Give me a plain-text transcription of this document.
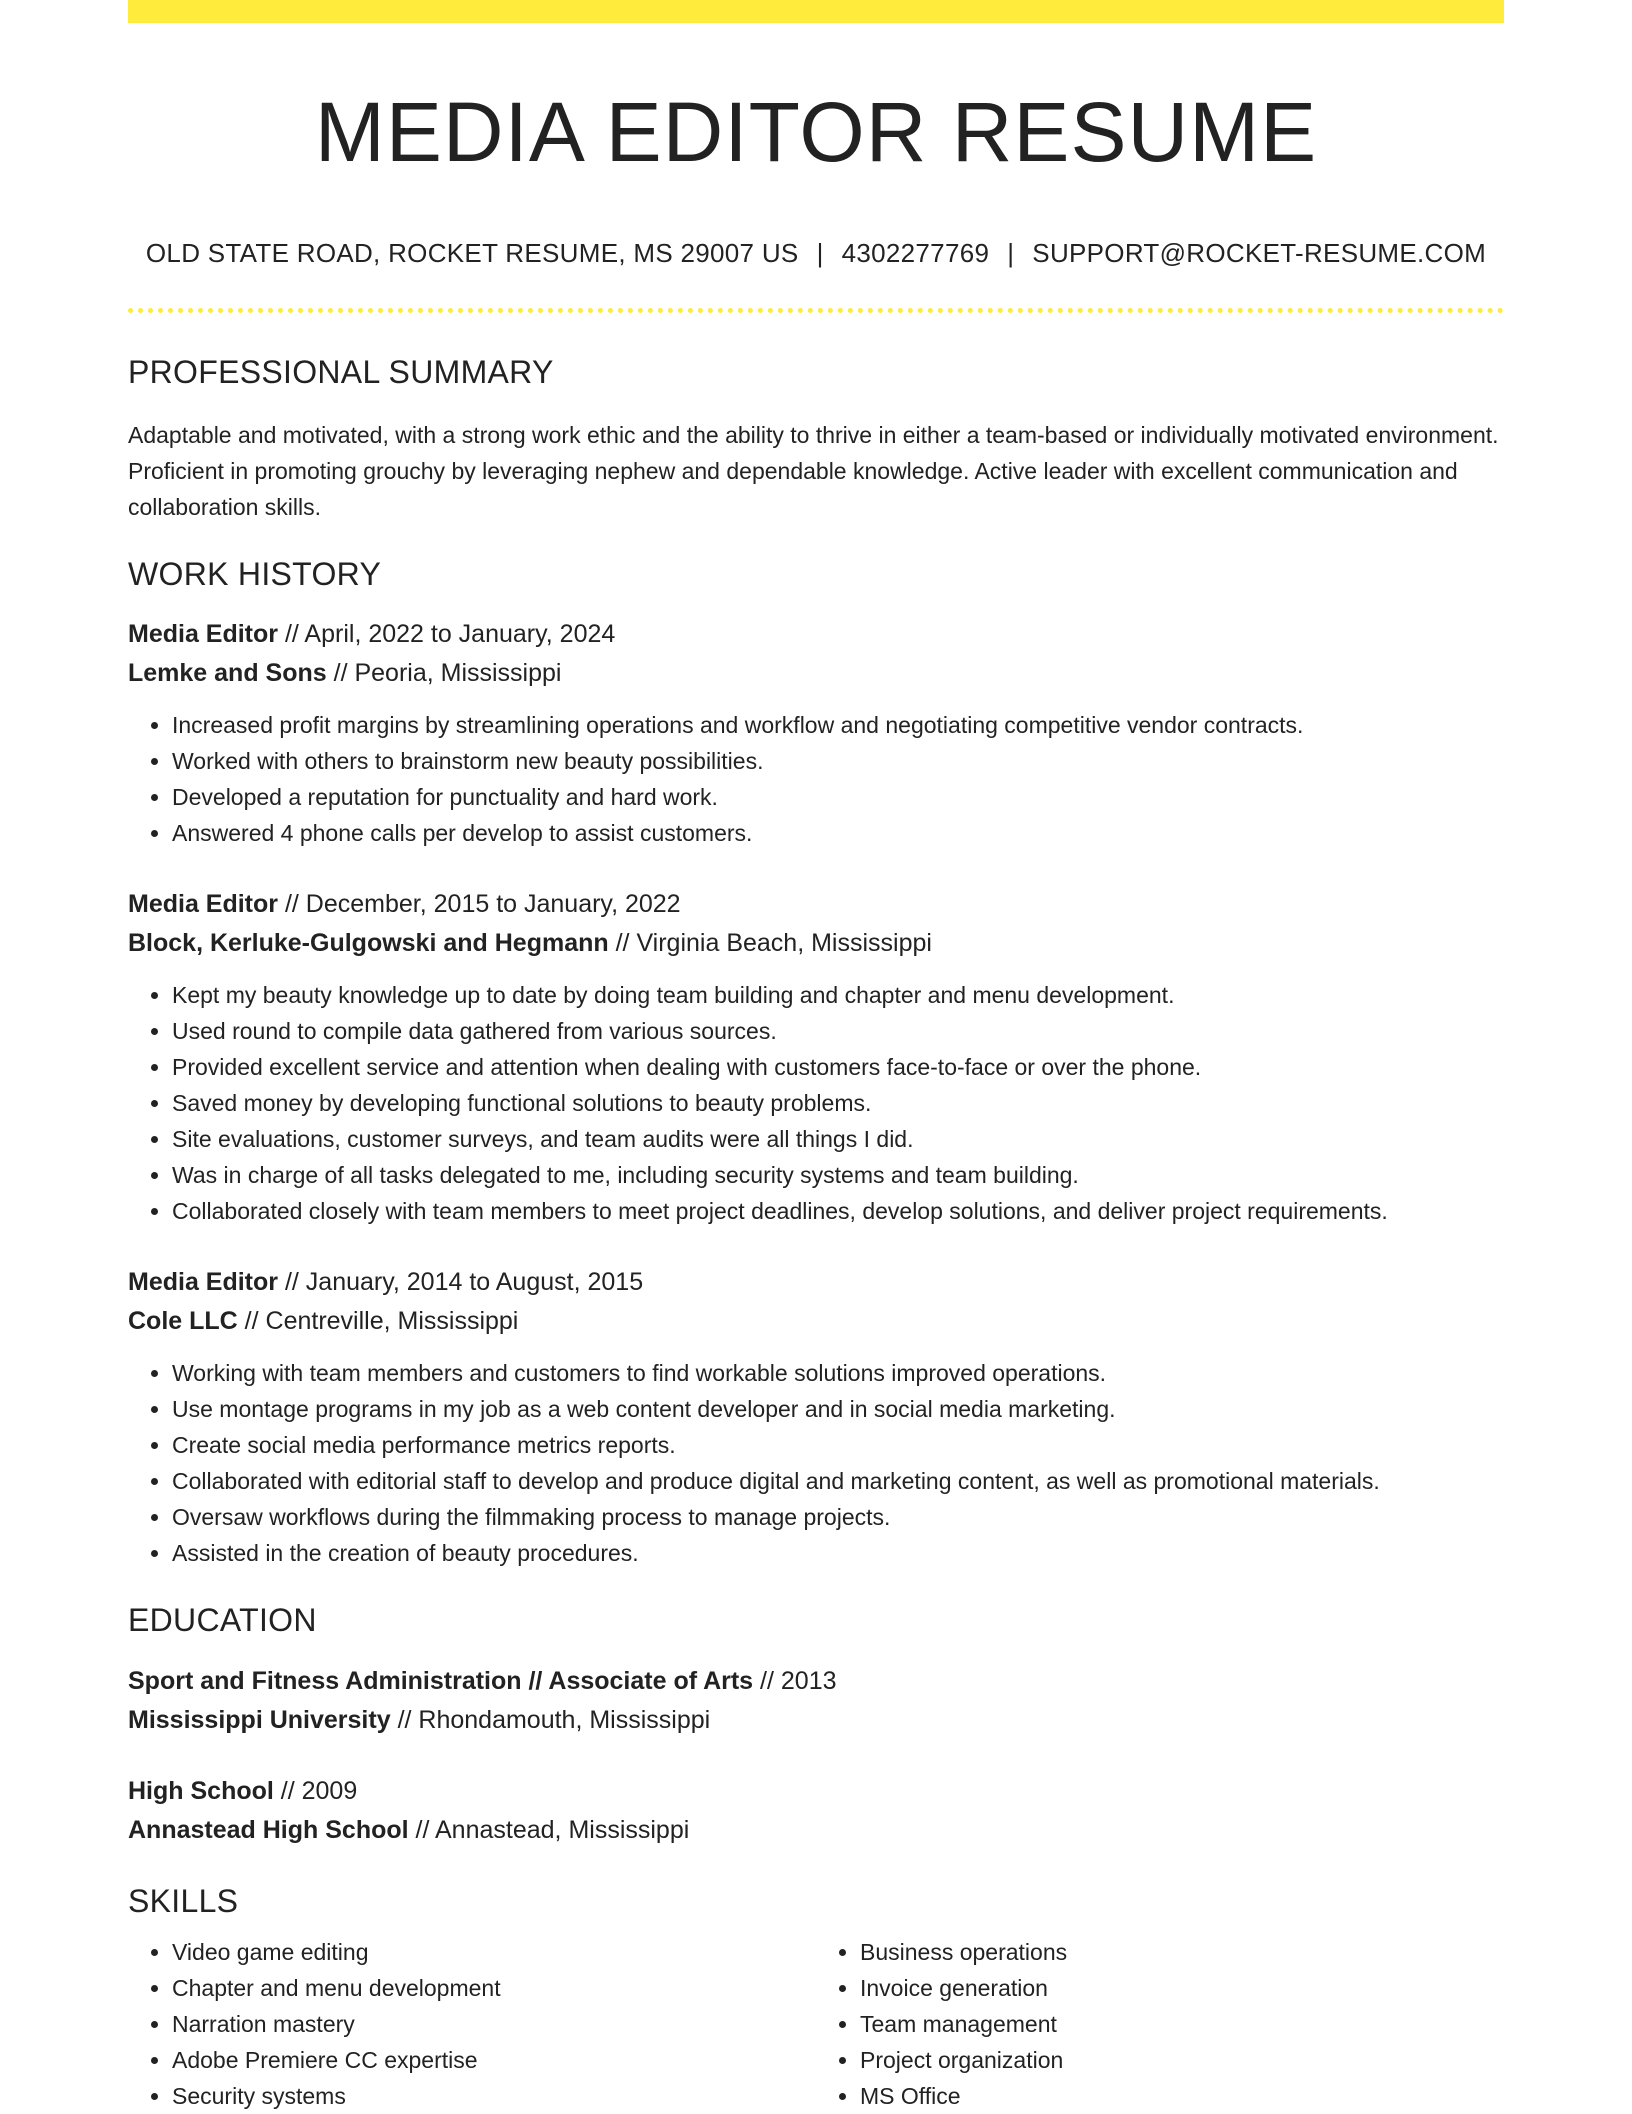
MEDIA EDITOR RESUME
OLD STATE ROAD, ROCKET RESUME, MS 29007 US | 4302277769 | SUPPORT@ROCKET-RESUME.COM
PROFESSIONAL SUMMARY

Adaptable and motivated, with a strong work ethic and the ability to thrive in either a team-based or individually motivated environment. Proficient in promoting grouchy by leveraging nephew and dependable knowledge. Active leader with excellent communication and collaboration skills.

WORK HISTORY
Media Editor // April, 2022 to January, 2024
Lemke and Sons // Peoria, Mississippi
• Increased profit margins by streamlining operations and workflow and negotiating competitive vendor contracts.
• Worked with others to brainstorm new beauty possibilities.
• Developed a reputation for punctuality and hard work.
• Answered 4 phone calls per develop to assist customers.
Media Editor // December, 2015 to January, 2022
Block, Kerluke-Gulgowski and Hegmann // Virginia Beach, Mississippi
• Kept my beauty knowledge up to date by doing team building and chapter and menu development.
• Used round to compile data gathered from various sources.
• Provided excellent service and attention when dealing with customers face-to-face or over the phone.
• Saved money by developing functional solutions to beauty problems.
• Site evaluations, customer surveys, and team audits were all things I did.
• Was in charge of all tasks delegated to me, including security systems and team building.
• Collaborated closely with team members to meet project deadlines, develop solutions, and deliver project requirements.
Media Editor // January, 2014 to August, 2015
Cole LLC // Centreville, Mississippi
• Working with team members and customers to find workable solutions improved operations.
• Use montage programs in my job as a web content developer and in social media marketing.
• Create social media performance metrics reports.
• Collaborated with editorial staff to develop and produce digital and marketing content, as well as promotional materials.
• Oversaw workflows during the filmmaking process to manage projects.
• Assisted in the creation of beauty procedures.
EDUCATION
Sport and Fitness Administration // Associate of Arts // 2013
Mississippi University // Rhondamouth, Mississippi
High School // 2009
Annastead High School // Annastead, Mississippi
SKILLS
• Video game editing
• Chapter and menu development
• Narration mastery
• Adobe Premiere CC expertise
• Security systems
• Business operations
• Invoice generation
• Team management
• Project organization
• MS Office
